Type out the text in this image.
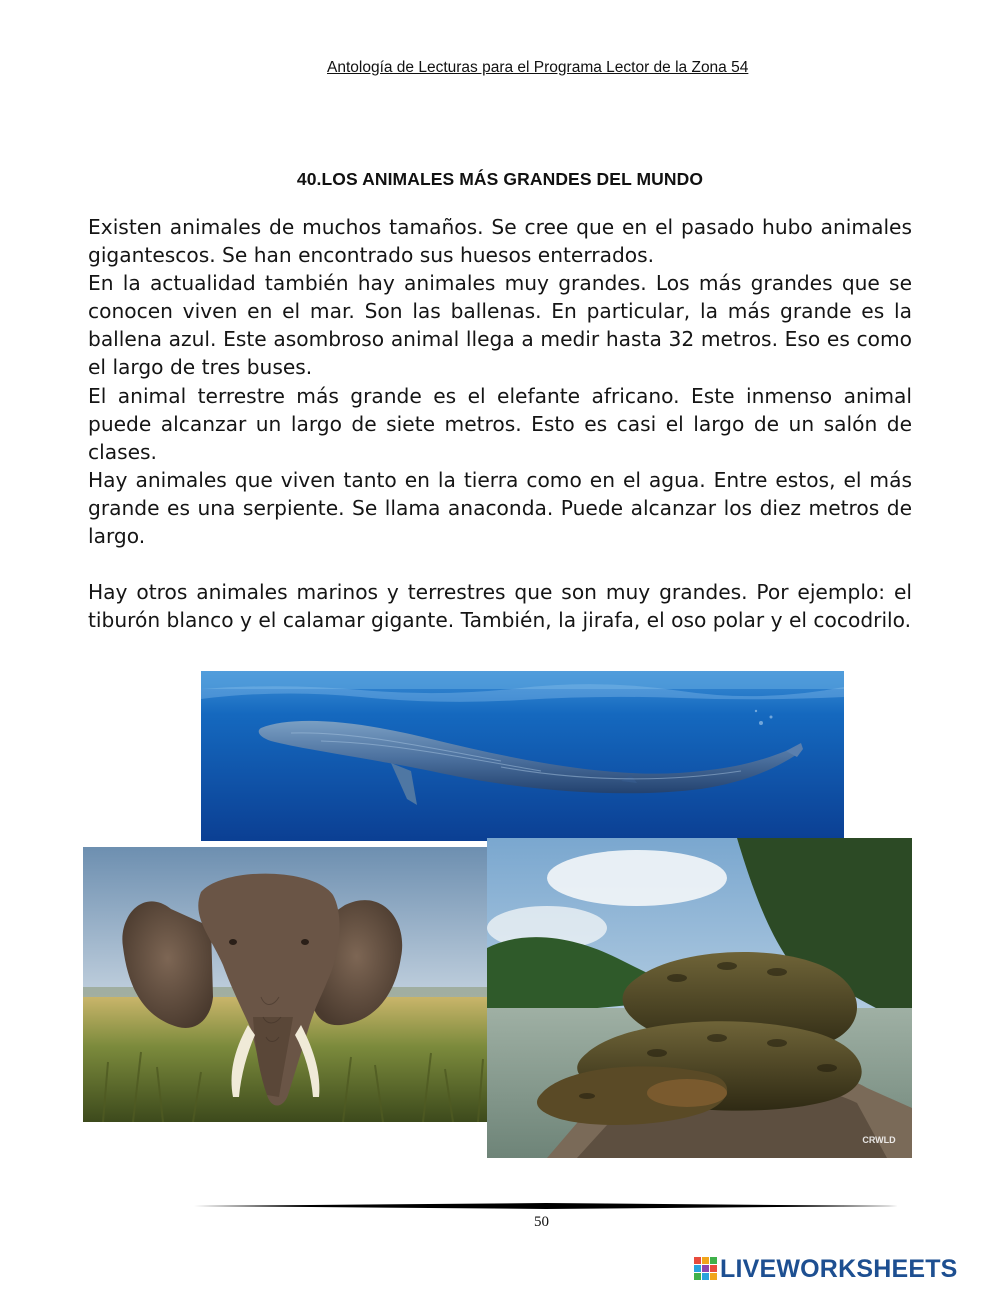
Antología de Lecturas para el Programa Lector de la Zona 54
40.LOS ANIMALES MÁS GRANDES DEL MUNDO

Existen animales de muchos tamaños. Se cree que en el pasado hubo animales gigantescos. Se han encontrado sus huesos enterrados.

En la actualidad también hay animales muy grandes. Los más grandes que se conocen viven en el mar. Son las ballenas. En particular, la más grande es la ballena azul. Este asombroso animal llega a medir hasta 32 metros. Eso es como el largo de tres buses.

El animal terrestre más grande es el elefante africano. Este inmenso animal puede alcanzar un largo de siete metros. Esto es casi el largo de un salón de clases.

Hay animales que viven tanto en la tierra como en el agua. Entre estos, el más grande es una serpiente. Se llama anaconda. Puede alcanzar los diez metros de largo.

Hay otros animales marinos y terrestres que son muy grandes. Por ejemplo: el tiburón blanco y el calamar gigante. También, la jirafa, el oso polar y el cocodrilo.

CRWLD
50
LIVEWORKSHEETS
